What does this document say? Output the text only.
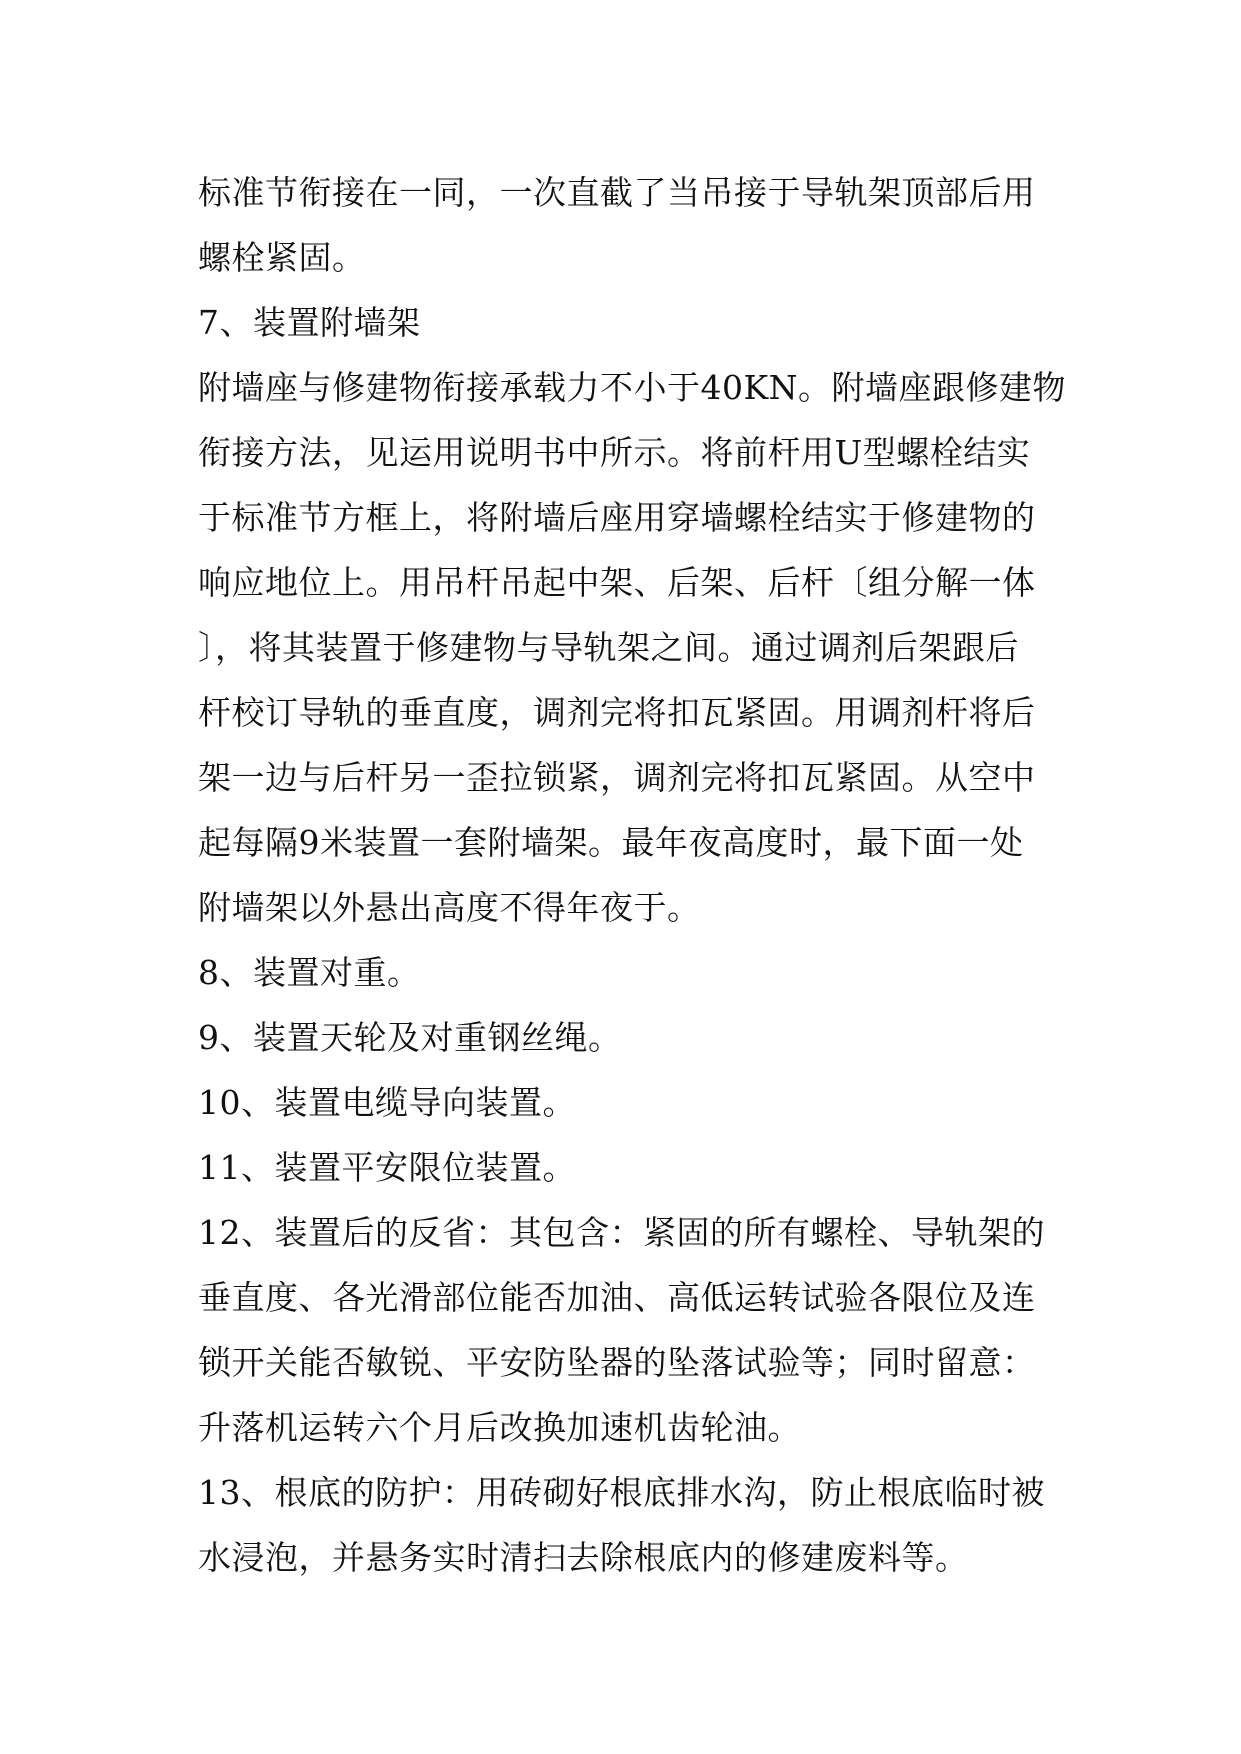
标准节衔接在一同，一次直截了当吊接于导轨架顶部后用
螺栓紧固。
7、装置附墙架
附墙座与修建物衔接承载力不小于40KN。附墙座跟修建物
衔接方法，见运用说明书中所示。将前杆用U型螺栓结实
于标准节方框上，将附墙后座用穿墙螺栓结实于修建物的
响应地位上。用吊杆吊起中架、后架、后杆〔组分解一体
〕，将其装置于修建物与导轨架之间。通过调剂后架跟后
杆校订导轨的垂直度，调剂完将扣瓦紧固。用调剂杆将后
架一边与后杆另一歪拉锁紧，调剂完将扣瓦紧固。从空中
起每隔9米装置一套附墙架。最年夜高度时，最下面一处
附墙架以外悬出高度不得年夜于。
8、装置对重。
9、装置天轮及对重钢丝绳。
10、装置电缆导向装置。
11、装置平安限位装置。
12、装置后的反省：其包含：紧固的所有螺栓、导轨架的
垂直度、各光滑部位能否加油、高低运转试验各限位及连
锁开关能否敏锐、平安防坠器的坠落试验等；同时留意：
升落机运转六个月后改换加速机齿轮油。
13、根底的防护：用砖砌好根底排水沟，防止根底临时被
水浸泡，并悬务实时清扫去除根底内的修建废料等。
